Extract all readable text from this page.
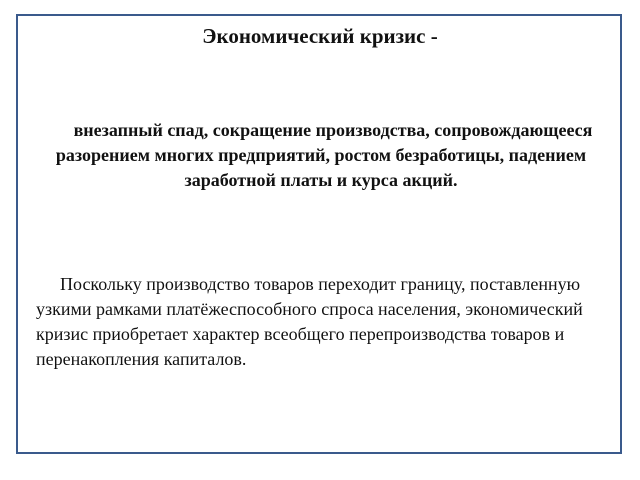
Экономический кризис -

внезапный спад, сокращение производства, сопровождающееся разорением многих предприятий, ростом безработицы, падением заработной платы и курса акций.

Поскольку производство товаров переходит границу, поставленную узкими рамками платёжеспособного спроса населения, экономический кризис приобретает характер всеобщего перепроизводства товаров и перенакопления капиталов.
